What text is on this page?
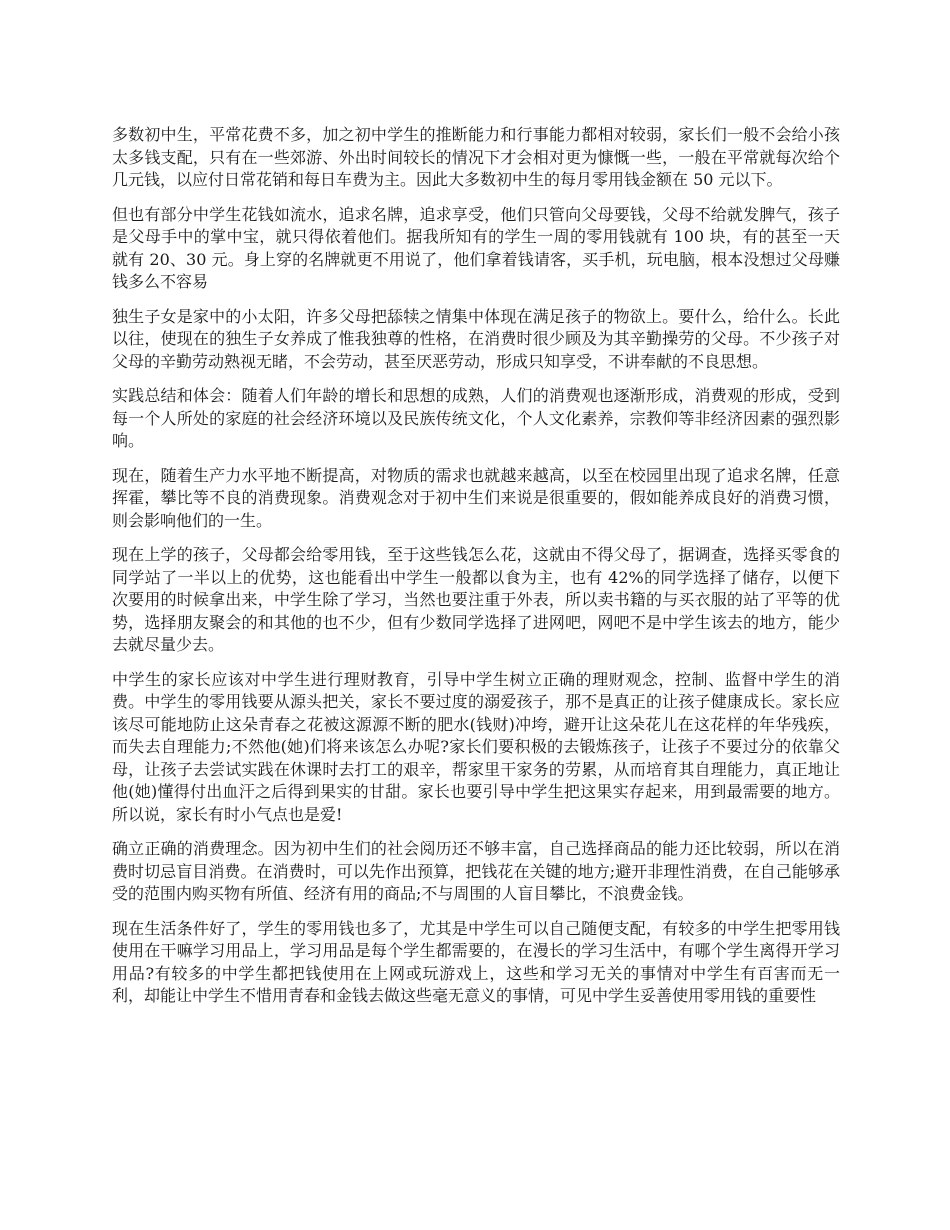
多数初中生，平常花费不多，加之初中学生的推断能力和行事能力都相对较弱，家长们一般不会给小孩太多钱支配，只有在一些郊游、外出时间较长的情况下才会相对更为慷慨一些，一般在平常就每次给个几元钱，以应付日常花销和每日车费为主。因此大多数初中生的每月零用钱金额在 50 元以下。

但也有部分中学生花钱如流水，追求名牌，追求享受，他们只管向父母要钱，父母不给就发脾气，孩子是父母手中的掌中宝，就只得依着他们。据我所知有的学生一周的零用钱就有 100 块，有的甚至一天就有 20、30 元。身上穿的名牌就更不用说了，他们拿着钱请客，买手机，玩电脑，根本没想过父母赚钱多么不容易

独生子女是家中的小太阳，许多父母把舔犊之情集中体现在满足孩子的物欲上。要什么，给什么。长此以往，使现在的独生子女养成了惟我独尊的性格，在消费时很少顾及为其辛勤操劳的父母。不少孩子对父母的辛勤劳动熟视无睹，不会劳动，甚至厌恶劳动，形成只知享受，不讲奉献的不良思想。

实践总结和体会：随着人们年龄的增长和思想的成熟，人们的消费观也逐渐形成，消费观的形成，受到每一个人所处的家庭的社会经济环境以及民族传统文化，个人文化素养，宗教仰等非经济因素的强烈影响。

现在，随着生产力水平地不断提高，对物质的需求也就越来越高，以至在校园里出现了追求名牌，任意挥霍，攀比等不良的消费现象。消费观念对于初中生们来说是很重要的，假如能养成良好的消费习惯，则会影响他们的一生。

现在上学的孩子，父母都会给零用钱，至于这些钱怎么花，这就由不得父母了，据调查，选择买零食的同学站了一半以上的优势，这也能看出中学生一般都以食为主，也有 42%的同学选择了储存，以便下次要用的时候拿出来，中学生除了学习，当然也要注重于外表，所以卖书籍的与买衣服的站了平等的优势，选择朋友聚会的和其他的也不少，但有少数同学选择了进网吧，网吧不是中学生该去的地方，能少去就尽量少去。

中学生的家长应该对中学生进行理财教育，引导中学生树立正确的理财观念，控制、监督中学生的消费。中学生的零用钱要从源头把关，家长不要过度的溺爱孩子，那不是真正的让孩子健康成长。家长应该尽可能地防止这朵青春之花被这源源不断的肥水(钱财)冲垮，避开让这朵花儿在这花样的年华残疾，而失去自理能力;不然他(她)们将来该怎么办呢?家长们要积极的去锻炼孩子，让孩子不要过分的依靠父母，让孩子去尝试实践在休课时去打工的艰辛，帮家里干家务的劳累，从而培育其自理能力，真正地让他(她)懂得付出血汗之后得到果实的甘甜。家长也要引导中学生把这果实存起来，用到最需要的地方。所以说，家长有时小气点也是爱!

确立正确的消费理念。因为初中生们的社会阅历还不够丰富，自己选择商品的能力还比较弱，所以在消费时切忌盲目消费。在消费时，可以先作出预算，把钱花在关键的地方;避开非理性消费，在自己能够承受的范围内购买物有所值、经济有用的商品;不与周围的人盲目攀比，不浪费金钱。

现在生活条件好了，学生的零用钱也多了，尤其是中学生可以自己随便支配，有较多的中学生把零用钱使用在干嘛学习用品上，学习用品是每个学生都需要的，在漫长的学习生活中，有哪个学生离得开学习用品?有较多的中学生都把钱使用在上网或玩游戏上，这些和学习无关的事情对中学生有百害而无一利，却能让中学生不惜用青春和金钱去做这些毫无意义的事情，可见中学生妥善使用零用钱的重要性
